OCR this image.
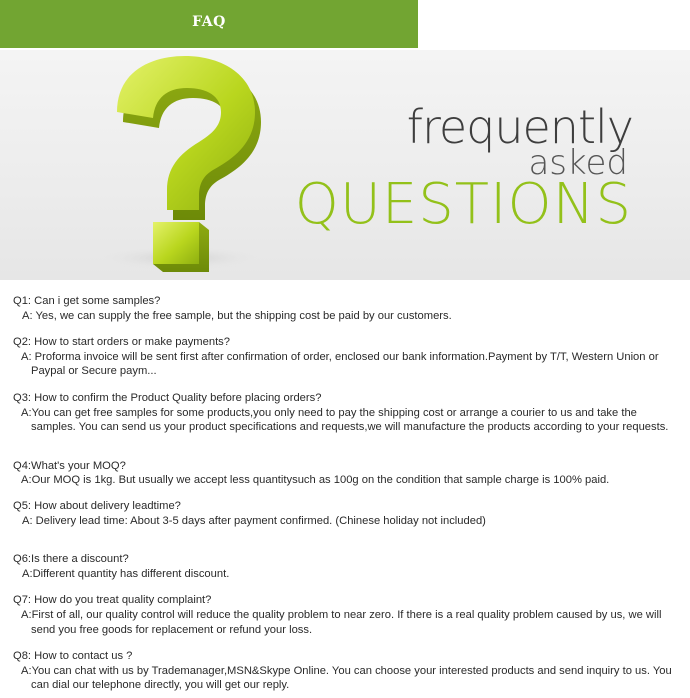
FAQ
frequently
asked
QUESTIONS
Q1: Can i get some samples?
A: Yes, we can supply the free sample, but the shipping cost be paid by our customers.
Q2: How to start orders or make payments?
A: Proforma invoice will be sent first after confirmation of order, enclosed our bank information.Payment by T/T, Western Union or Paypal or Secure paym...
Q3: How to confirm the Product Quality before placing orders?
A:You can get free samples for some products,you only need to pay the shipping cost or arrange a courier to us and take the samples. You can send us your product specifications and requests,we will manufacture the products according to your requests.
Q4:What's your MOQ?
A:Our MOQ is 1kg. But usually we accept less quantitysuch as 100g on the condition that sample charge is 100% paid.
Q5: How about delivery leadtime?
A: Delivery lead time: About 3-5 days after payment confirmed. (Chinese holiday not included)
Q6:Is there a discount?
A:Different quantity has different discount.
Q7: How do you treat quality complaint?
A:First of all, our quality control will reduce the quality problem to near zero. If there is a real quality problem caused by us, we will send you free goods for replacement or refund your loss.
Q8: How to contact us ?
A:You can chat with us by Trademanager,MSN&Skype Online. You can choose your interested products and send inquiry to us. You can dial our telephone directly, you will get our reply.
